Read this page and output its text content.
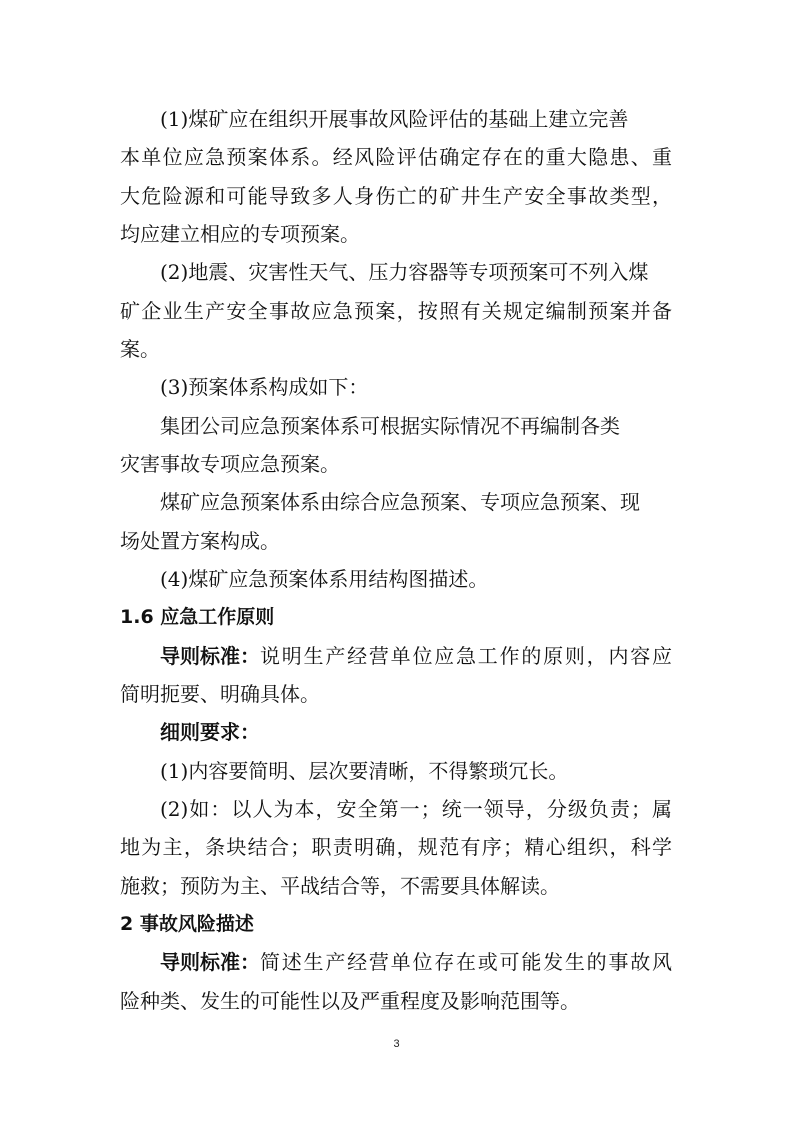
(1)煤矿应在组织开展事故风险评估的基础上建立完善
本单位应急预案体系。经风险评估确定存在的重大隐患、重
大危险源和可能导致多人身伤亡的矿井生产安全事故类型，
均应建立相应的专项预案。
(2)地震、灾害性天气、压力容器等专项预案可不列入煤
矿企业生产安全事故应急预案，按照有关规定编制预案并备
案。
(3)预案体系构成如下：
集团公司应急预案体系可根据实际情况不再编制各类
灾害事故专项应急预案。
煤矿应急预案体系由综合应急预案、专项应急预案、现
场处置方案构成。
(4)煤矿应急预案体系用结构图描述。
1.6 应急工作原则
导则标准： 说明生产经营单位应急工作的原则，内容应
简明扼要、明确具体。
细则要求：
(1)内容要简明、层次要清晰，不得繁琐冗长。
(2)如：以人为本，安全第一；统一领导，分级负责；属
地为主，条块结合；职责明确，规范有序；精心组织，科学
施救；预防为主、平战结合等，不需要具体解读。
2 事故风险描述
导则标准： 简述生产经营单位存在或可能发生的事故风
险种类、发生的可能性以及严重程度及影响范围等。
3
